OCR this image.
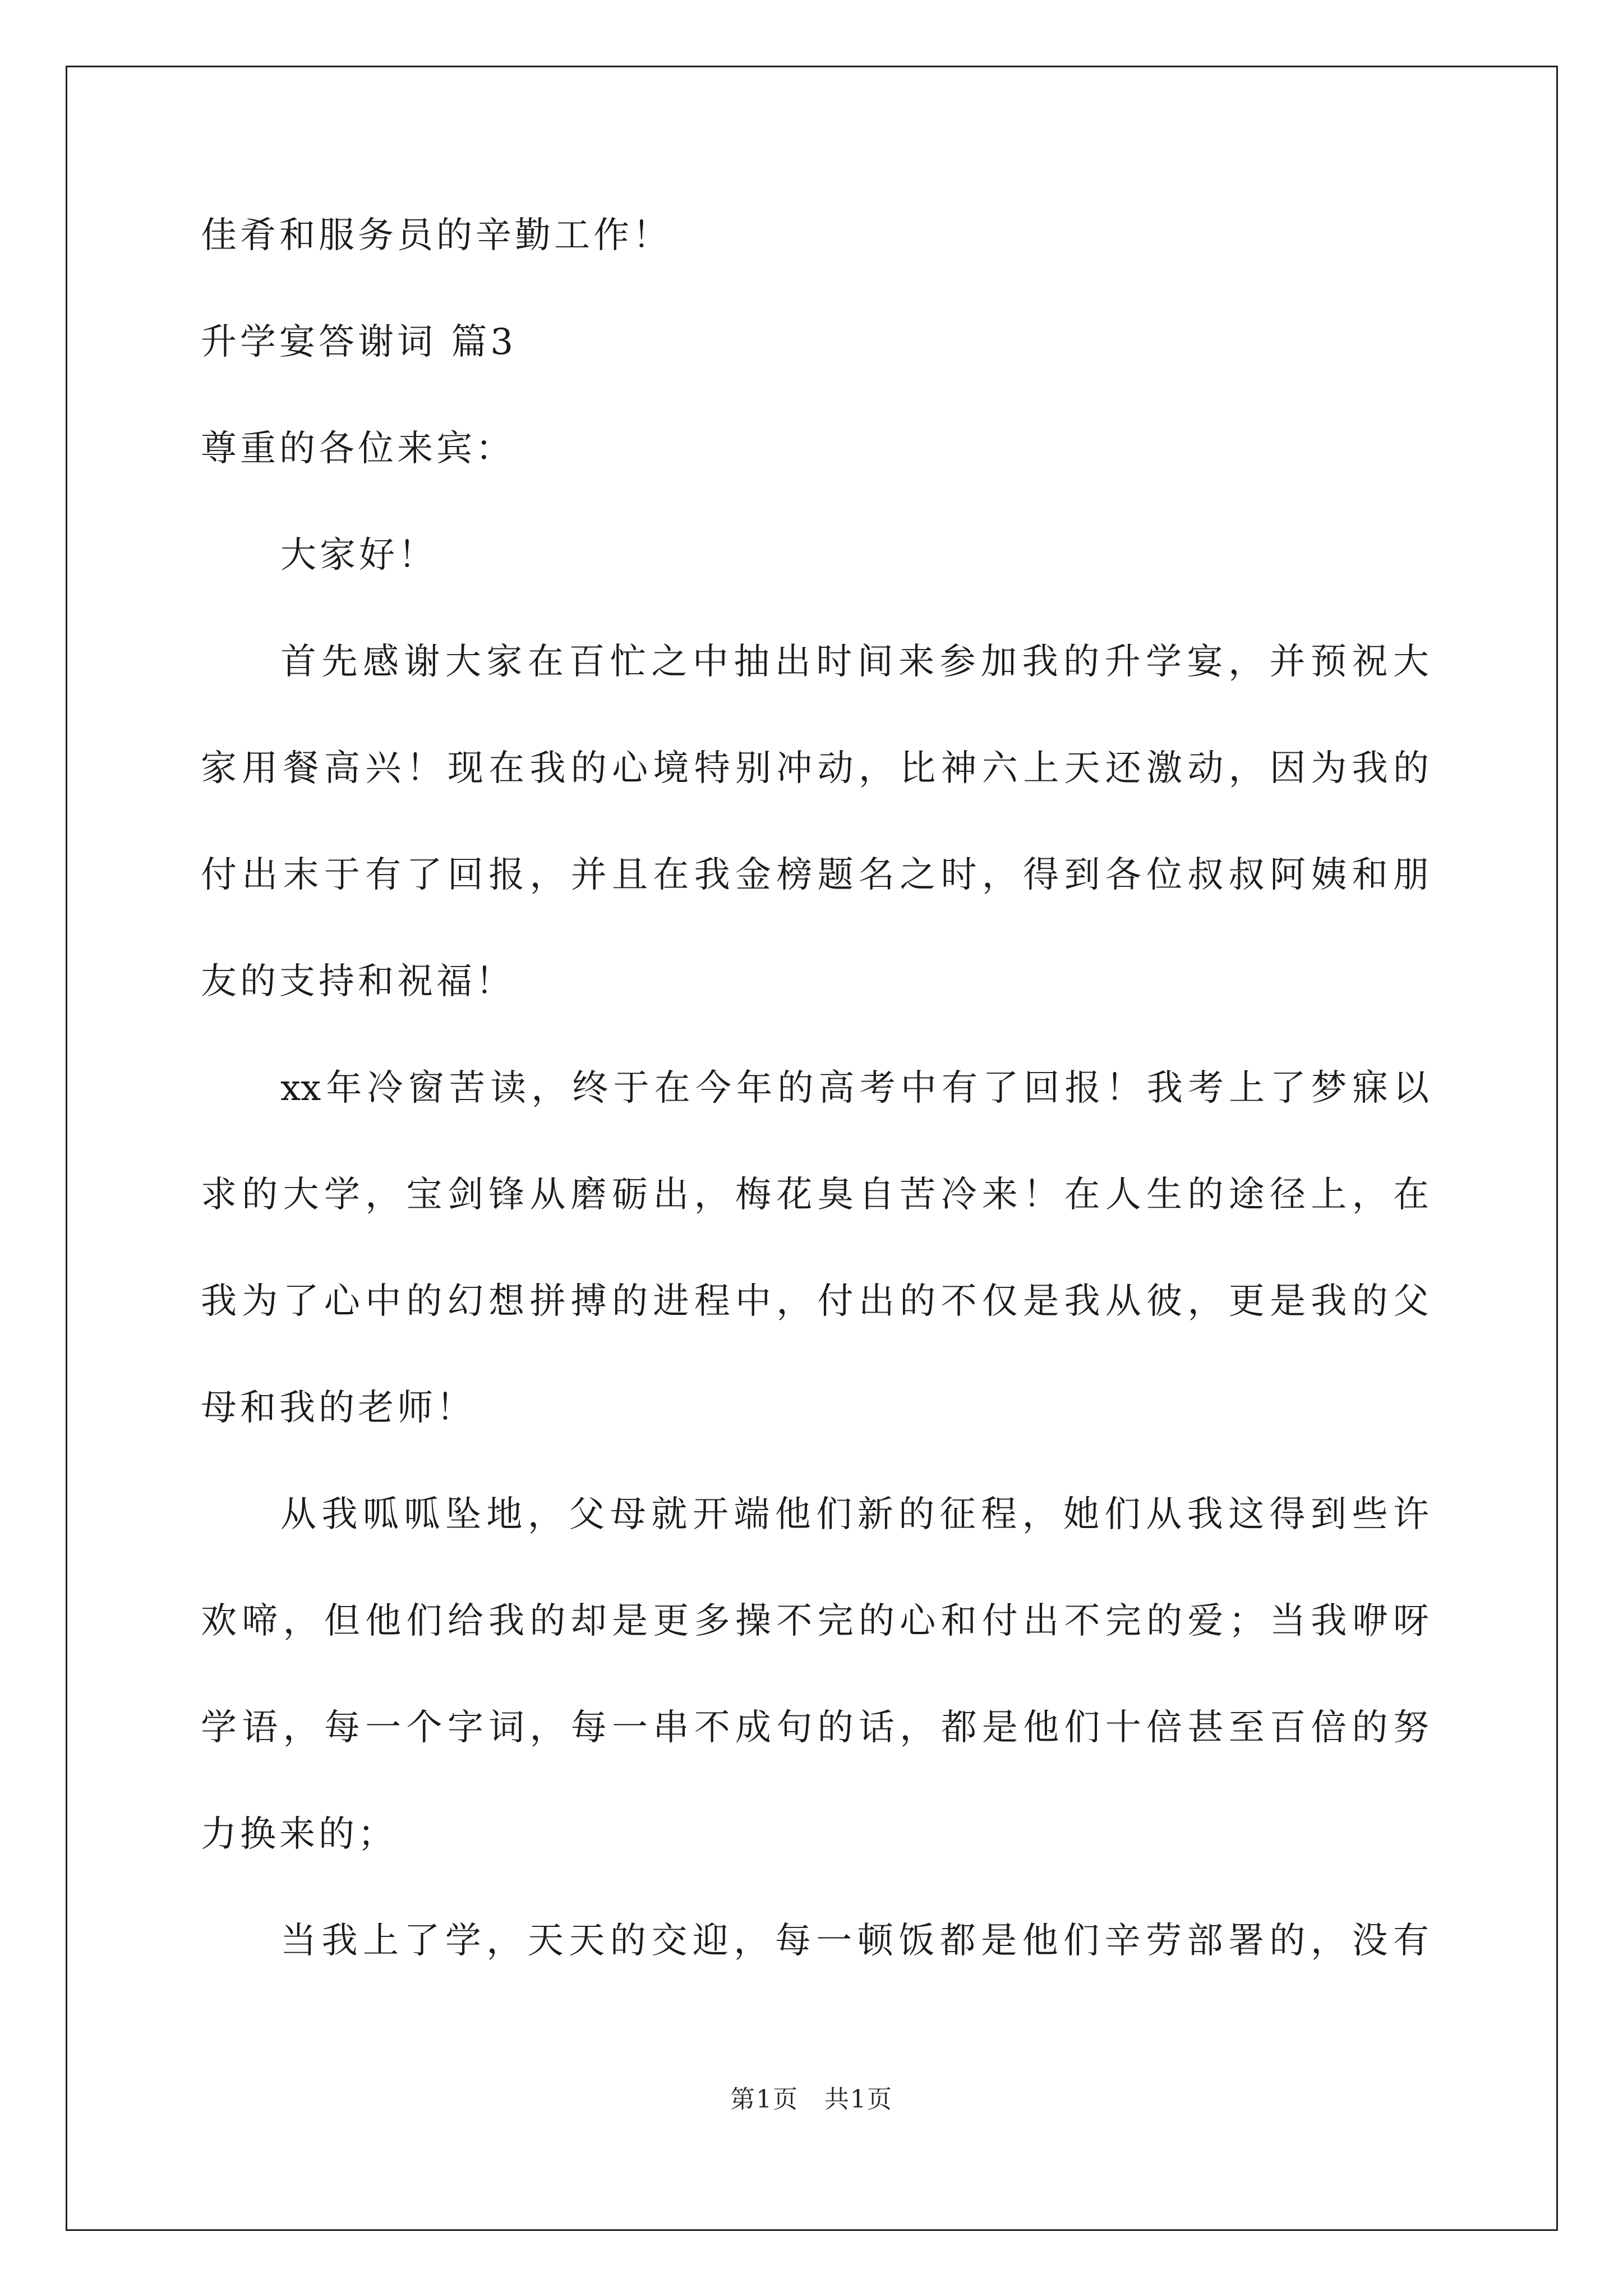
佳肴和服务员的辛勤工作！
升学宴答谢词 篇3
尊重的各位来宾：
大家好！
首先感谢大家在百忙之中抽出时间来参加我的升学宴，并预祝大
家用餐高兴！现在我的心境特别冲动，比神六上天还激动，因为我的
付出末于有了回报，并且在我金榜题名之时，得到各位叔叔阿姨和朋
友的支持和祝福！
xx年冷窗苦读，终于在今年的高考中有了回报！我考上了梦寐以
求的大学，宝剑锋从磨砺出，梅花臭自苦冷来！在人生的途径上，在
我为了心中的幻想拼搏的进程中，付出的不仅是我从彼，更是我的父
母和我的老师！
从我呱呱坠地，父母就开端他们新的征程，她们从我这得到些许
欢啼，但他们给我的却是更多操不完的心和付出不完的爱；当我咿呀
学语，每一个字词，每一串不成句的话，都是他们十倍甚至百倍的努
力换来的；
当我上了学，天天的交迎，每一顿饭都是他们辛劳部署的，没有
第1页　共1页
